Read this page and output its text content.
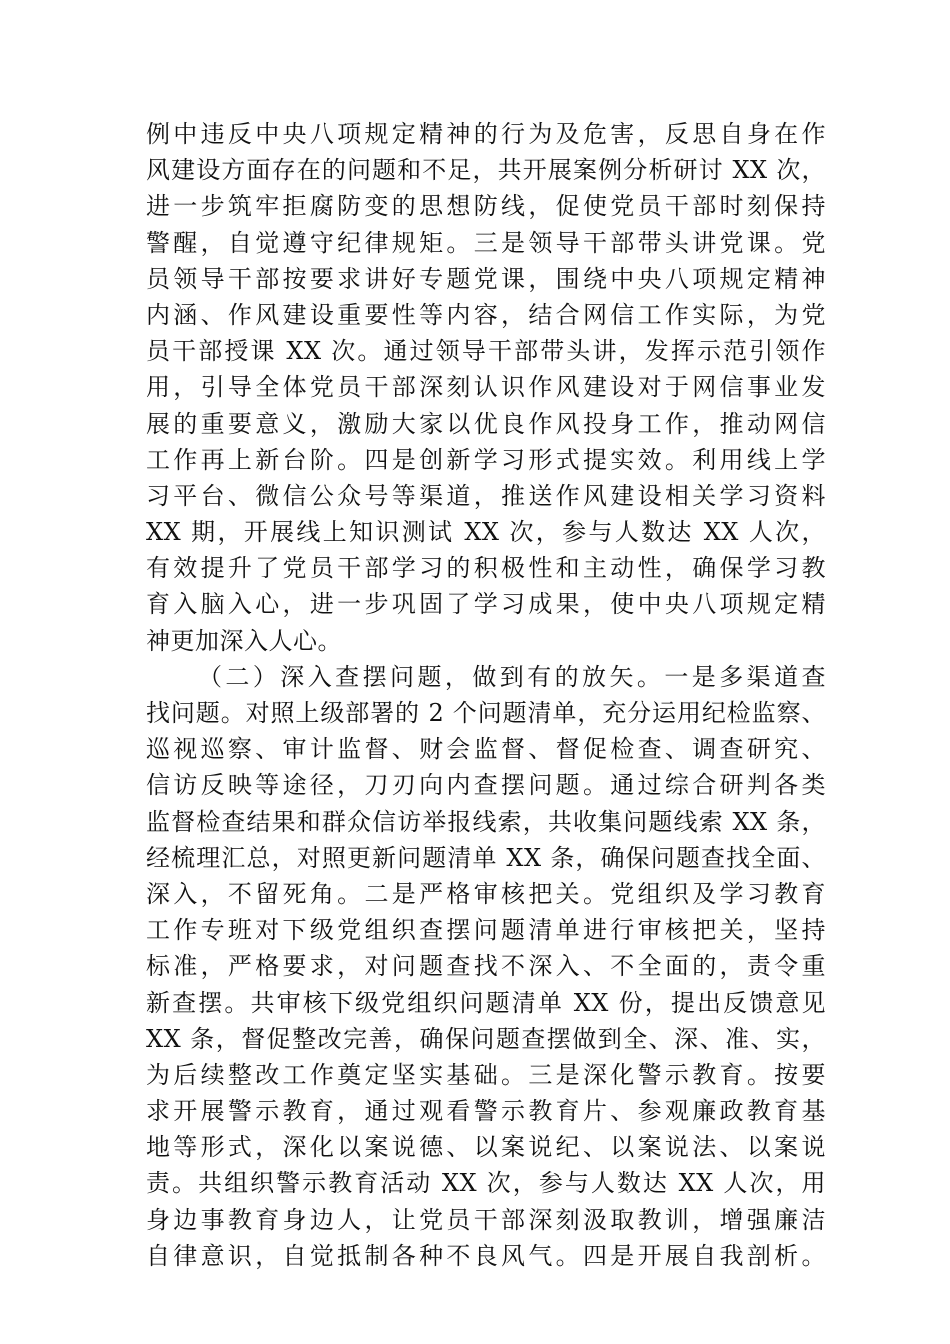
例中违反中央八项规定精神的行为及危害，反思自身在作
风建设方面存在的问题和不足，共开展案例分析研讨 XX 次，
进一步筑牢拒腐防变的思想防线，促使党员干部时刻保持
警醒，自觉遵守纪律规矩。三是领导干部带头讲党课。党
员领导干部按要求讲好专题党课，围绕中央八项规定精神
内涵、作风建设重要性等内容，结合网信工作实际，为党
员干部授课 XX 次。通过领导干部带头讲，发挥示范引领作
用，引导全体党员干部深刻认识作风建设对于网信事业发
展的重要意义，激励大家以优良作风投身工作，推动网信
工作再上新台阶。四是创新学习形式提实效。利用线上学
习平台、微信公众号等渠道，推送作风建设相关学习资料
XX 期，开展线上知识测试 XX 次，参与人数达 XX 人次，
有效提升了党员干部学习的积极性和主动性，确保学习教
育入脑入心，进一步巩固了学习成果，使中央八项规定精
神更加深入人心。
（二）深入查摆问题，做到有的放矢。一是多渠道查
找问题。对照上级部署的 2 个问题清单，充分运用纪检监察、
巡视巡察、审计监督、财会监督、督促检查、调查研究、
信访反映等途径，刀刃向内查摆问题。通过综合研判各类
监督检查结果和群众信访举报线索，共收集问题线索 XX 条，
经梳理汇总，对照更新问题清单 XX 条，确保问题查找全面、
深入，不留死角。二是严格审核把关。党组织及学习教育
工作专班对下级党组织查摆问题清单进行审核把关，坚持
标准，严格要求，对问题查找不深入、不全面的，责令重
新查摆。共审核下级党组织问题清单 XX 份，提出反馈意见
XX 条，督促整改完善，确保问题查摆做到全、深、准、实，
为后续整改工作奠定坚实基础。三是深化警示教育。按要
求开展警示教育，通过观看警示教育片、参观廉政教育基
地等形式，深化以案说德、以案说纪、以案说法、以案说
责。共组织警示教育活动 XX 次，参与人数达 XX 人次，用
身边事教育身边人，让党员干部深刻汲取教训，增强廉洁
自律意识，自觉抵制各种不良风气。四是开展自我剖析。
